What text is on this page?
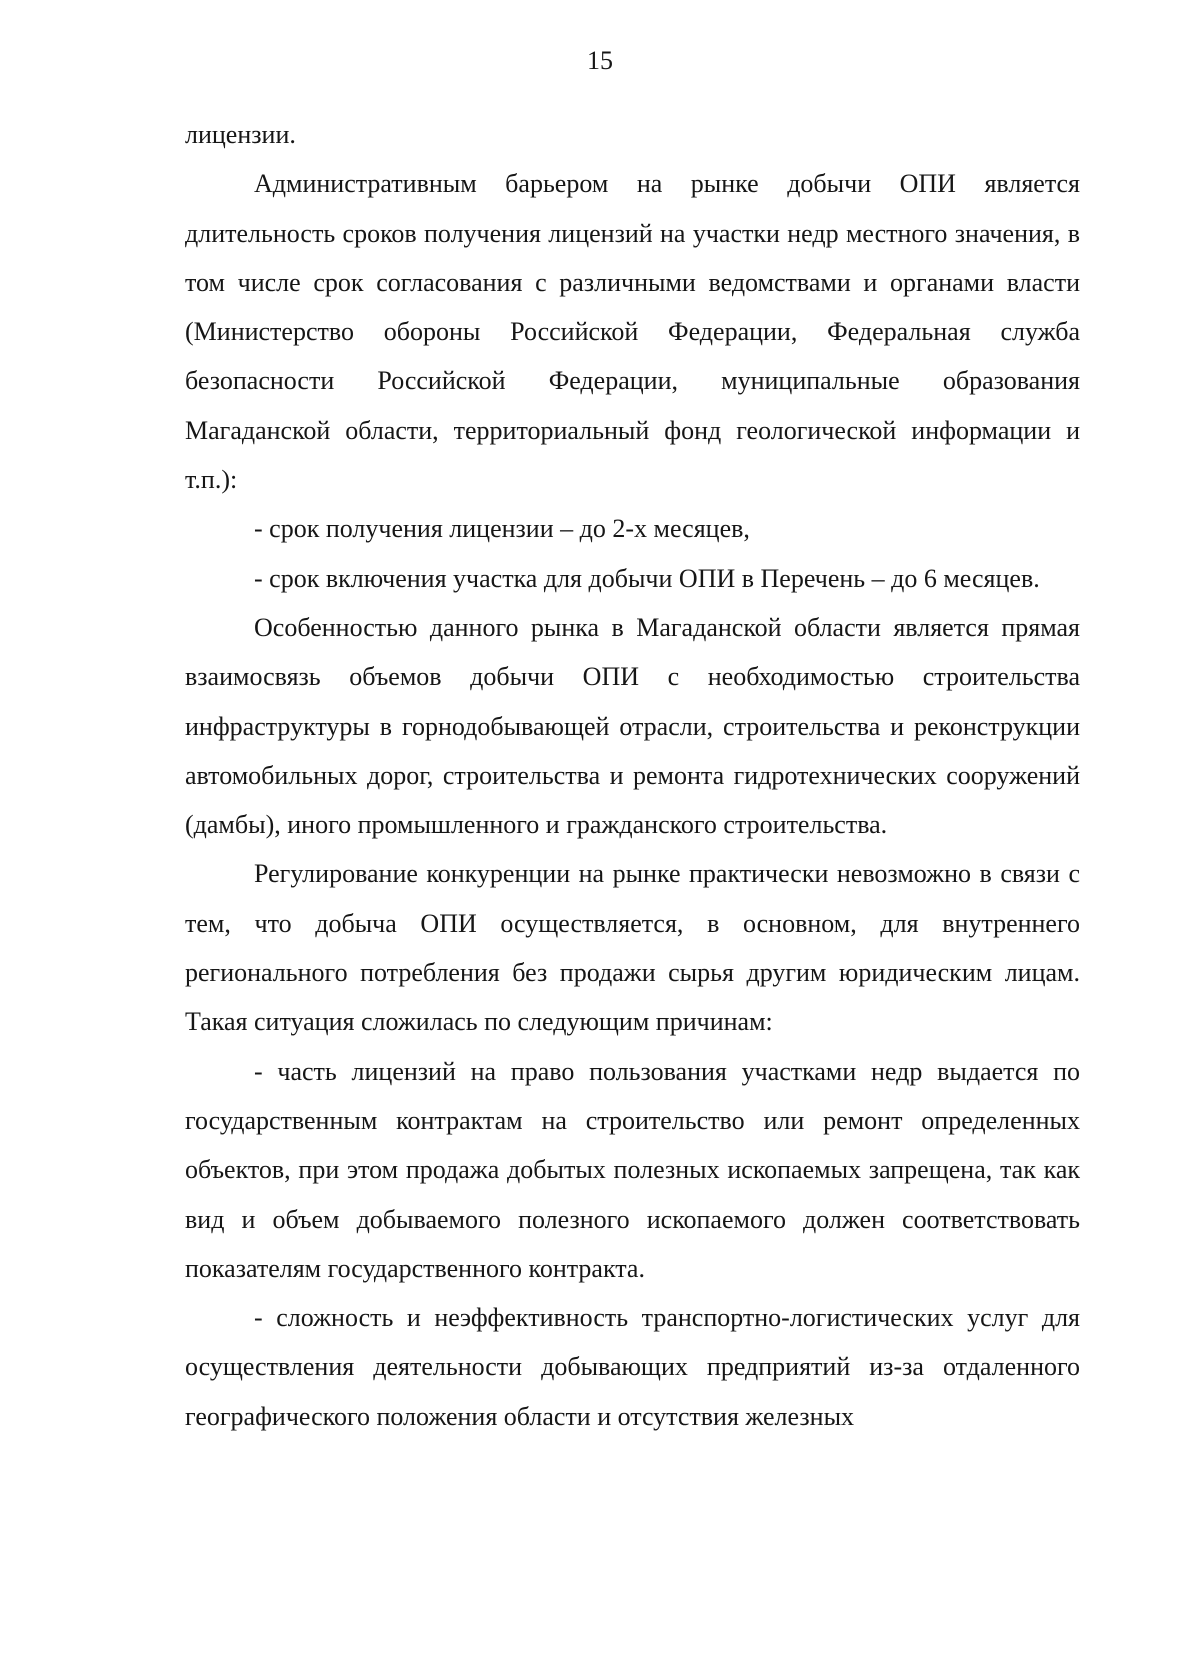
15

лицензии.

Административным барьером на рынке добычи ОПИ является длительность сроков получения лицензий на участки недр местного значения, в том числе срок согласования с различными ведомствами и органами власти (Министерство обороны Российской Федерации, Федеральная служба безопасности Российской Федерации, муниципальные образования Магаданской области, территориальный фонд геологической информации и т.п.):

- срок получения лицензии – до 2-х месяцев,

- срок включения участка для добычи ОПИ в Перечень – до 6 месяцев.

Особенностью данного рынка в Магаданской области является прямая взаимосвязь объемов добычи ОПИ с необходимостью строительства инфраструктуры в горнодобывающей отрасли, строительства и реконструкции автомобильных дорог, строительства и ремонта гидротехнических сооружений (дамбы), иного промышленного и гражданского строительства.

Регулирование конкуренции на рынке практически невозможно в связи с тем, что добыча ОПИ осуществляется, в основном, для внутреннего регионального потребления без продажи сырья другим юридическим лицам. Такая ситуация сложилась по следующим причинам:

- часть лицензий на право пользования участками недр выдается по государственным контрактам на строительство или ремонт определенных объектов, при этом продажа добытых полезных ископаемых запрещена, так как вид и объем добываемого полезного ископаемого должен соответствовать показателям государственного контракта.

- сложность и неэффективность транспортно-логистических услуг для осуществления деятельности добывающих предприятий из-за отдаленного географического положения области и отсутствия железных
